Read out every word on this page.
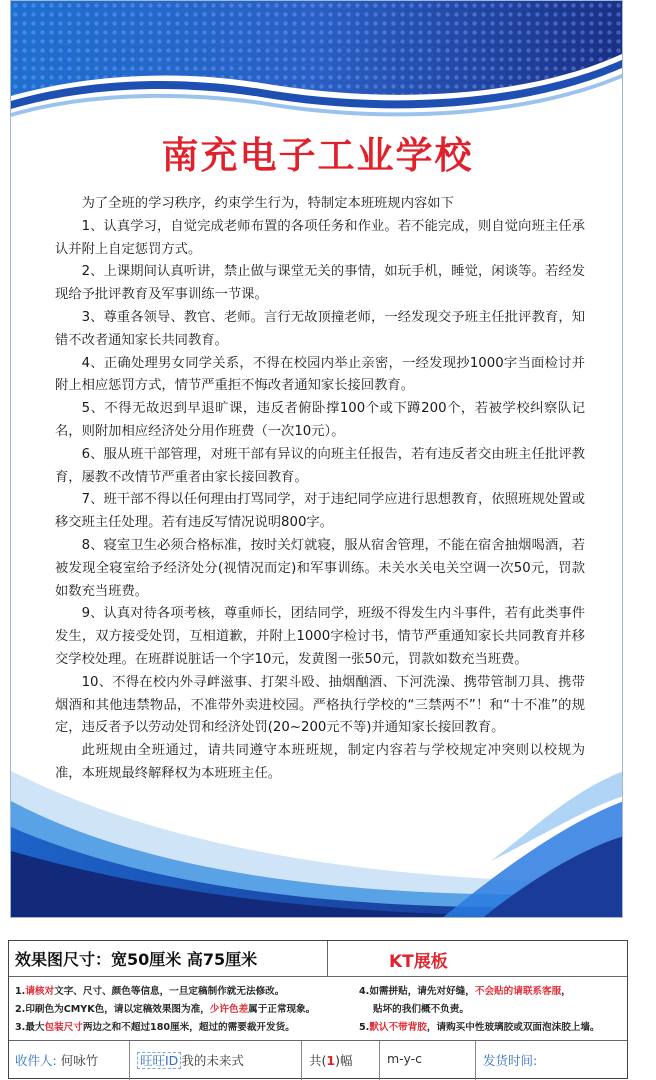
南充电子工业学校

为了全班的学习秩序，约束学生行为，特制定本班班规内容如下

1、认真学习，自觉完成老师布置的各项任务和作业。若不能完成，则自觉向班主任承认并附上自定惩罚方式。

2、上课期间认真听讲，禁止做与课堂无关的事情，如玩手机，睡觉，闲谈等。若经发现给予批评教育及军事训练一节课。

3、尊重各领导、教官、老师。言行无故顶撞老师，一经发现交予班主任批评教育，知错不改者通知家长共同教育。

4、正确处理男女同学关系，不得在校园内举止亲密，一经发现抄1000字当面检讨并附上相应惩罚方式，情节严重拒不悔改者通知家长接回教育。

5、不得无故迟到早退旷课，违反者俯卧撑100个或下蹲200个，若被学校纠察队记名，则附加相应经济处分用作班费（一次10元）。

6、服从班干部管理，对班干部有异议的向班主任报告，若有违反者交由班主任批评教育，屡教不改情节严重者由家长接回教育。

7、班干部不得以任何理由打骂同学，对于违纪同学应进行思想教育，依照班规处置或移交班主任处理。若有违反写情况说明800字。

8、寝室卫生必须合格标准，按时关灯就寝，服从宿舍管理，不能在宿舍抽烟喝酒，若被发现全寝室给予经济处分(视情况而定)和军事训练。未关水关电关空调一次50元，罚款如数充当班费。

9、认真对待各项考核，尊重师长，团结同学，班级不得发生内斗事件，若有此类事件发生，双方接受处罚，互相道歉，并附上1000字检讨书，情节严重通知家长共同教育并移交学校处理。在班群说脏话一个字10元，发黄图一张50元，罚款如数充当班费。

10、不得在校内外寻衅滋事、打架斗殴、抽烟酗酒、下河洗澡、携带管制刀具、携带烟酒和其他违禁物品，不准带外卖进校园。严格执行学校的“三禁两不”！和“十不准”的规定，违反者予以劳动处罚和经济处罚(20~200元不等)并通知家长接回教育。

此班规由全班通过，请共同遵守本班班规，制定内容若与学校规定冲突则以校规为准，本班规最终解释权为本班班主任。

效果图尺寸：宽50厘米 高75厘米	KT展板
1.请核对文字、尺寸、颜色等信息，一旦定稿制作就无法修改。
2.印刷色为CMYK色，请以定稿效果图为准，少许色差属于正常现象。
3.最大包装尺寸两边之和不超过180厘米，超过的需要裁开发货。
4.如需拼贴，请先对好缝，不会贴的请联系客服，
贴坏的我们概不负责。
5.默认不带背胶，请购买中性玻璃胶或双面泡沫胶上墙。
收件人: 何咏竹	旺旺ID 我的未来式	共(1)幅	m-y-c	发货时间:
